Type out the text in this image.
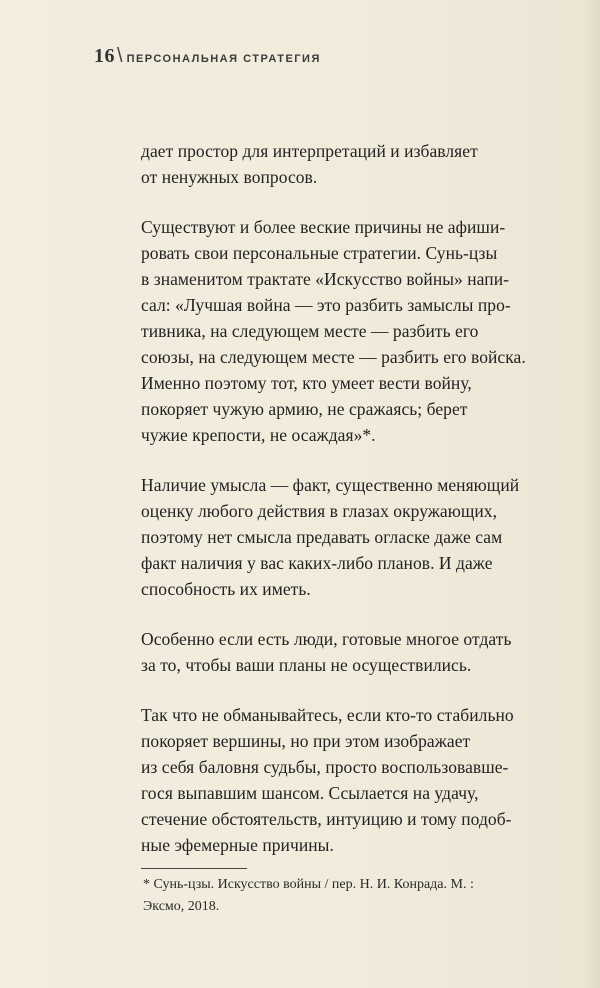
16 \ ПЕРСОНАЛЬНАЯ СТРАТЕГИЯ

дает простор для интерпретаций и избавляет
от ненужных вопросов.

Существуют и более веские причины не афиши-
ровать свои персональные стратегии. Сунь-цзы
в знаменитом трактате «Искусство войны» напи-
сал: «Лучшая война — это разбить замыслы про-
тивника, на следующем месте — разбить его
союзы, на следующем месте — разбить его войска.
Именно поэтому тот, кто умеет вести войну,
покоряет чужую армию, не сражаясь; берет
чужие крепости, не осаждая»*.

Наличие умысла — факт, существенно меняющий
оценку любого действия в глазах окружающих,
поэтому нет смысла предавать огласке даже сам
факт наличия у вас каких-либо планов. И даже
способность их иметь.

Особенно если есть люди, готовые многое отдать
за то, чтобы ваши планы не осуществились.

Так что не обманывайтесь, если кто-то стабильно
покоряет вершины, но при этом изображает
из себя баловня судьбы, просто воспользовавше-
гося выпавшим шансом. Ссылается на удачу,
стечение обстоятельств, интуицию и тому подоб-
ные эфемерные причины.

* Сунь-цзы. Искусство войны / пер. Н. И. Конрада. М. :
Эксмо, 2018.
